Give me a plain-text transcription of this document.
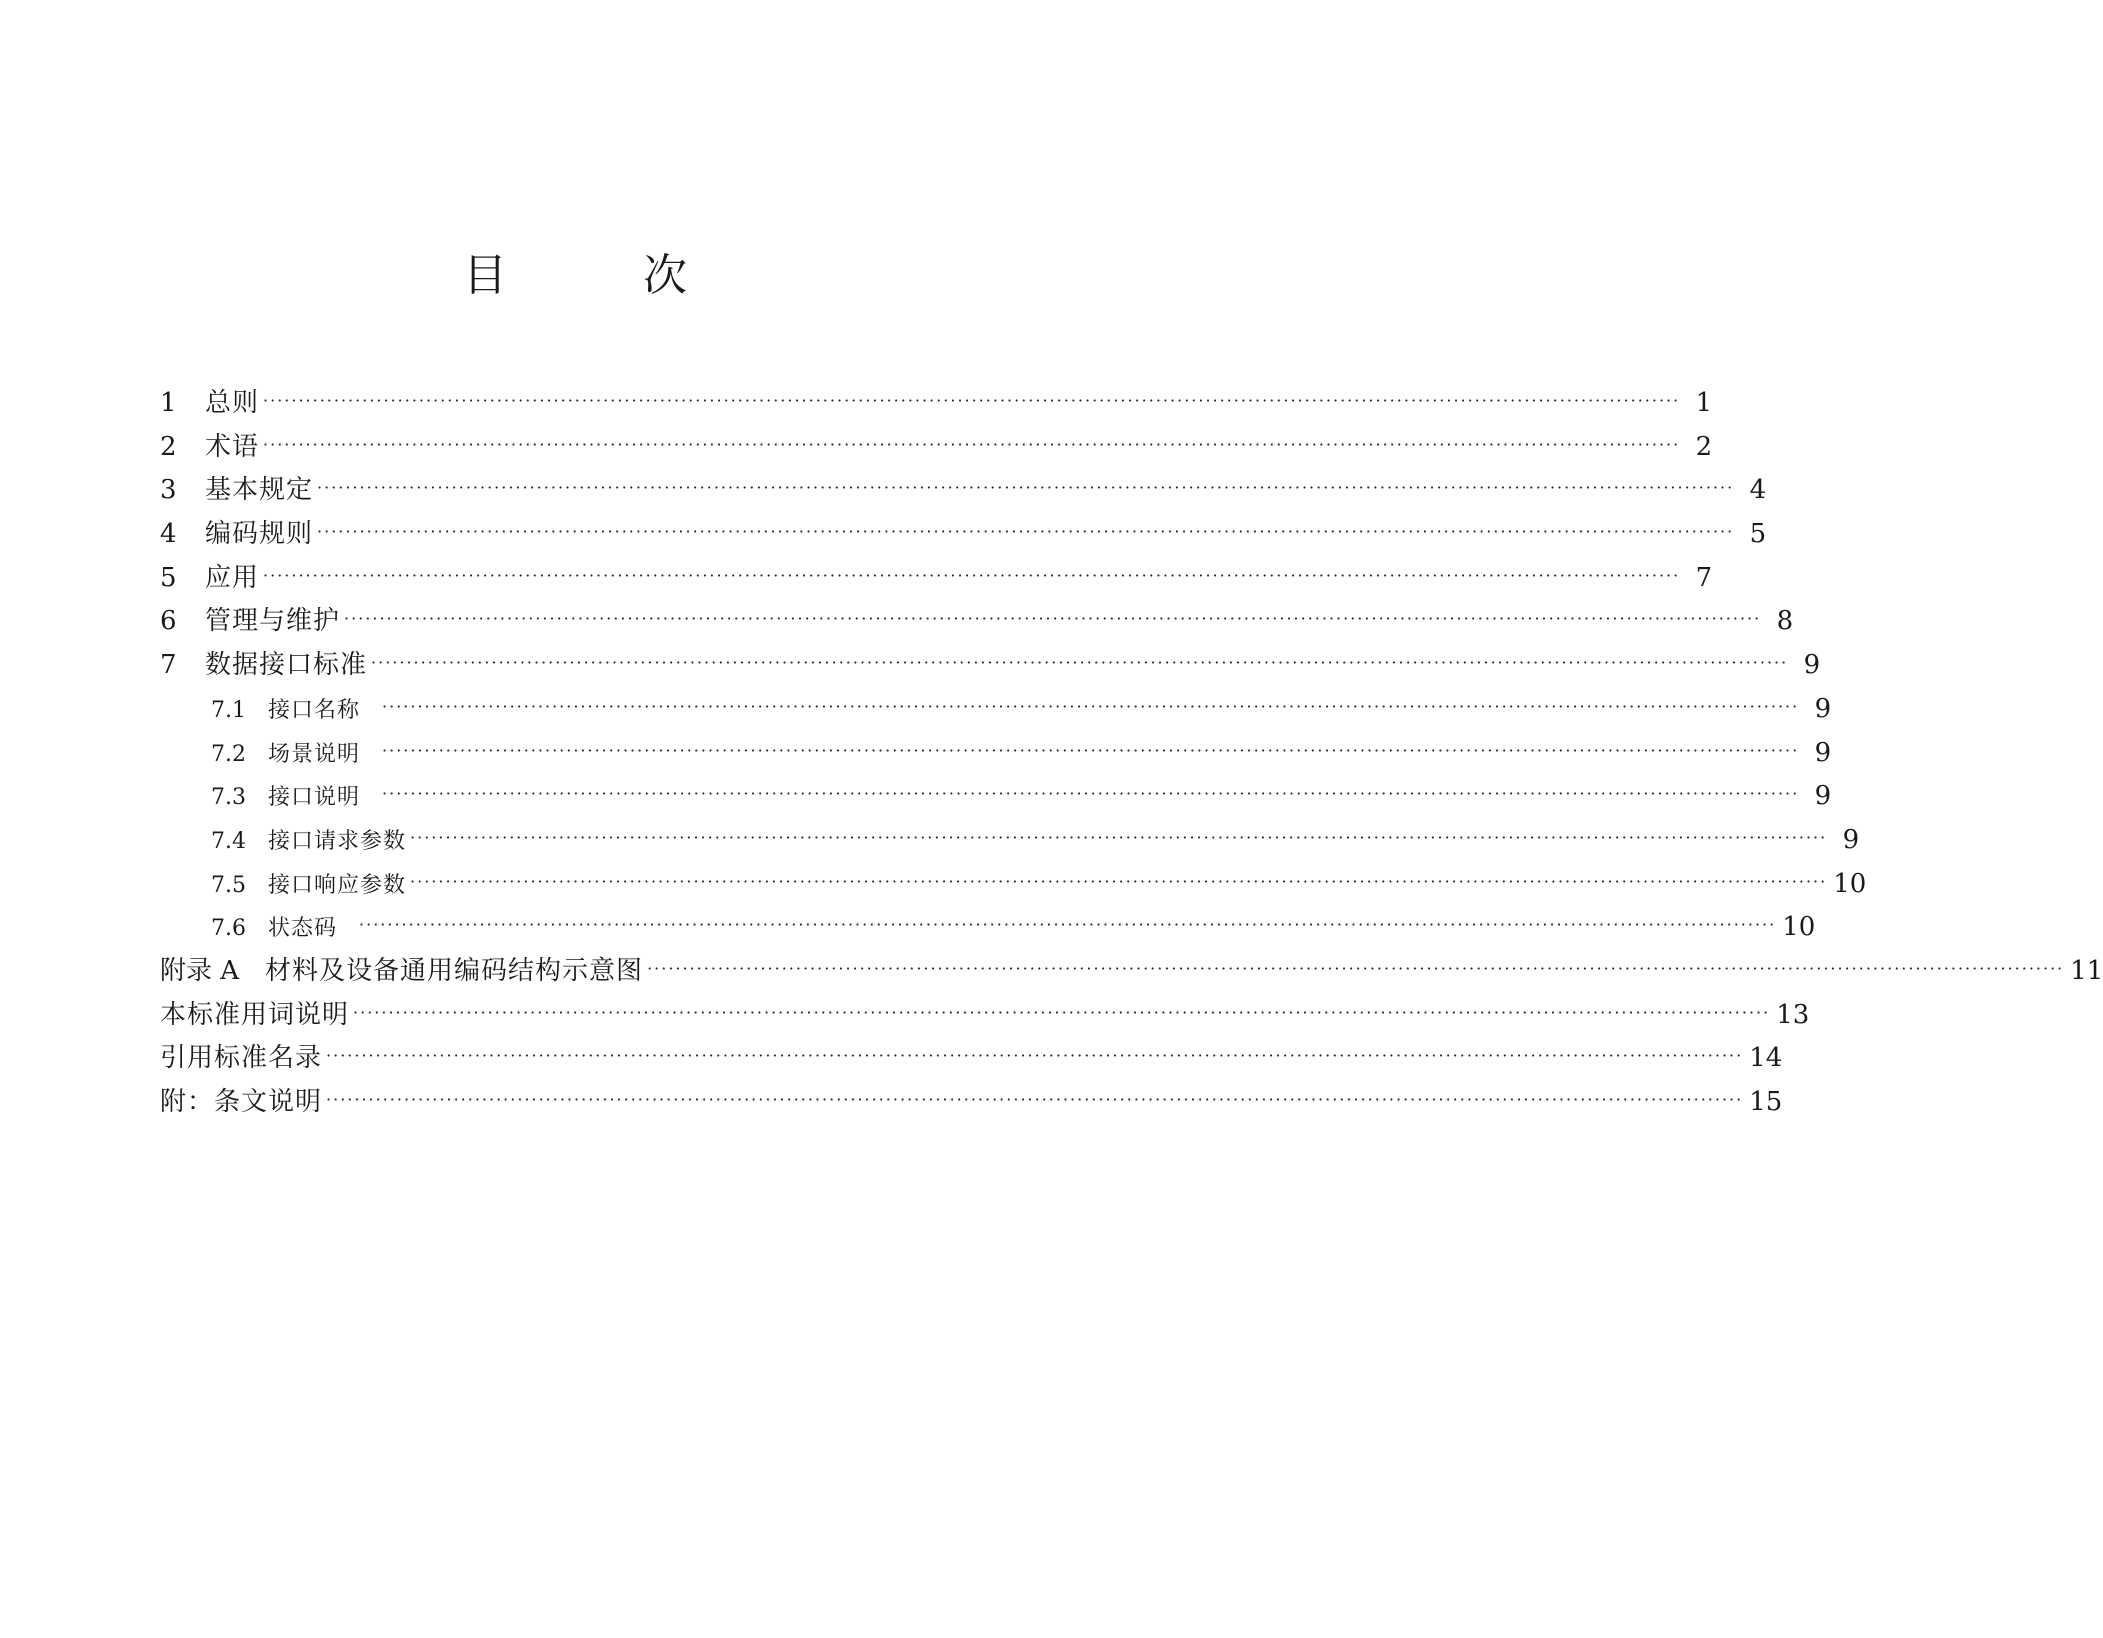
目　次
1	总则 ········································································································································································································ 1
2	术语 ········································································································································································································ 2
3	基本规定 ········································································································································································································ 4
4	编码规则 ········································································································································································································ 5
5	应用 ········································································································································································································ 7
6	管理与维护 ········································································································································································································ 8
7	数据接口标准 ········································································································································································································ 9
7.1	接口名称 ········································································································································································································ 9
7.2	场景说明 ········································································································································································································ 9
7.3	接口说明 ········································································································································································································ 9
7.4	接口请求参数 ········································································································································································································ 9
7.5	接口响应参数 ········································································································································································································ 10
7.6	状态码 ········································································································································································································ 10
附录 A 材料及设备通用编码结构示意图 ········································································································································································································ 11
本标准用词说明 ········································································································································································································ 13
引用标准名录 ········································································································································································································ 14
附：条文说明 ········································································································································································································ 15
